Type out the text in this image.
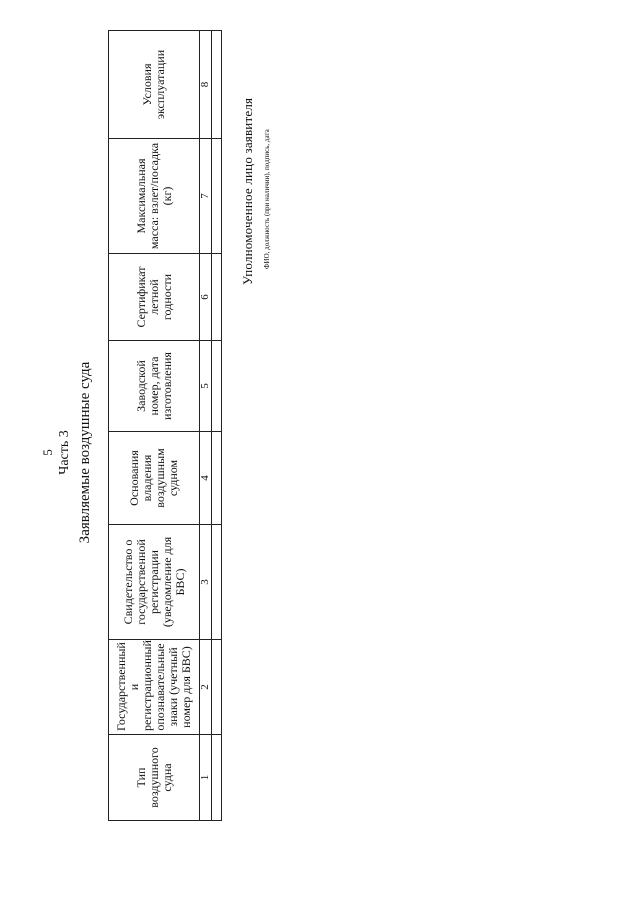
5 Часть 3 Заявляемые воздушные суда
Тип воздушного судна	Государственный и регистрационный опознавательные знаки (учетный номер для БВС)	Свидетельство о государственной регистрации (уведомление для БВС)	Основания владения воздушным судном	Заводской номер, дата изготовления	Сертификат летной годности	Максимальная масса: взлет/посадка (кг)	Условия эксплуатации
1	2	3	4	5	6	7	8

Уполномоченное лицо заявителя ФИО, должность (при наличии), подпись, дата
